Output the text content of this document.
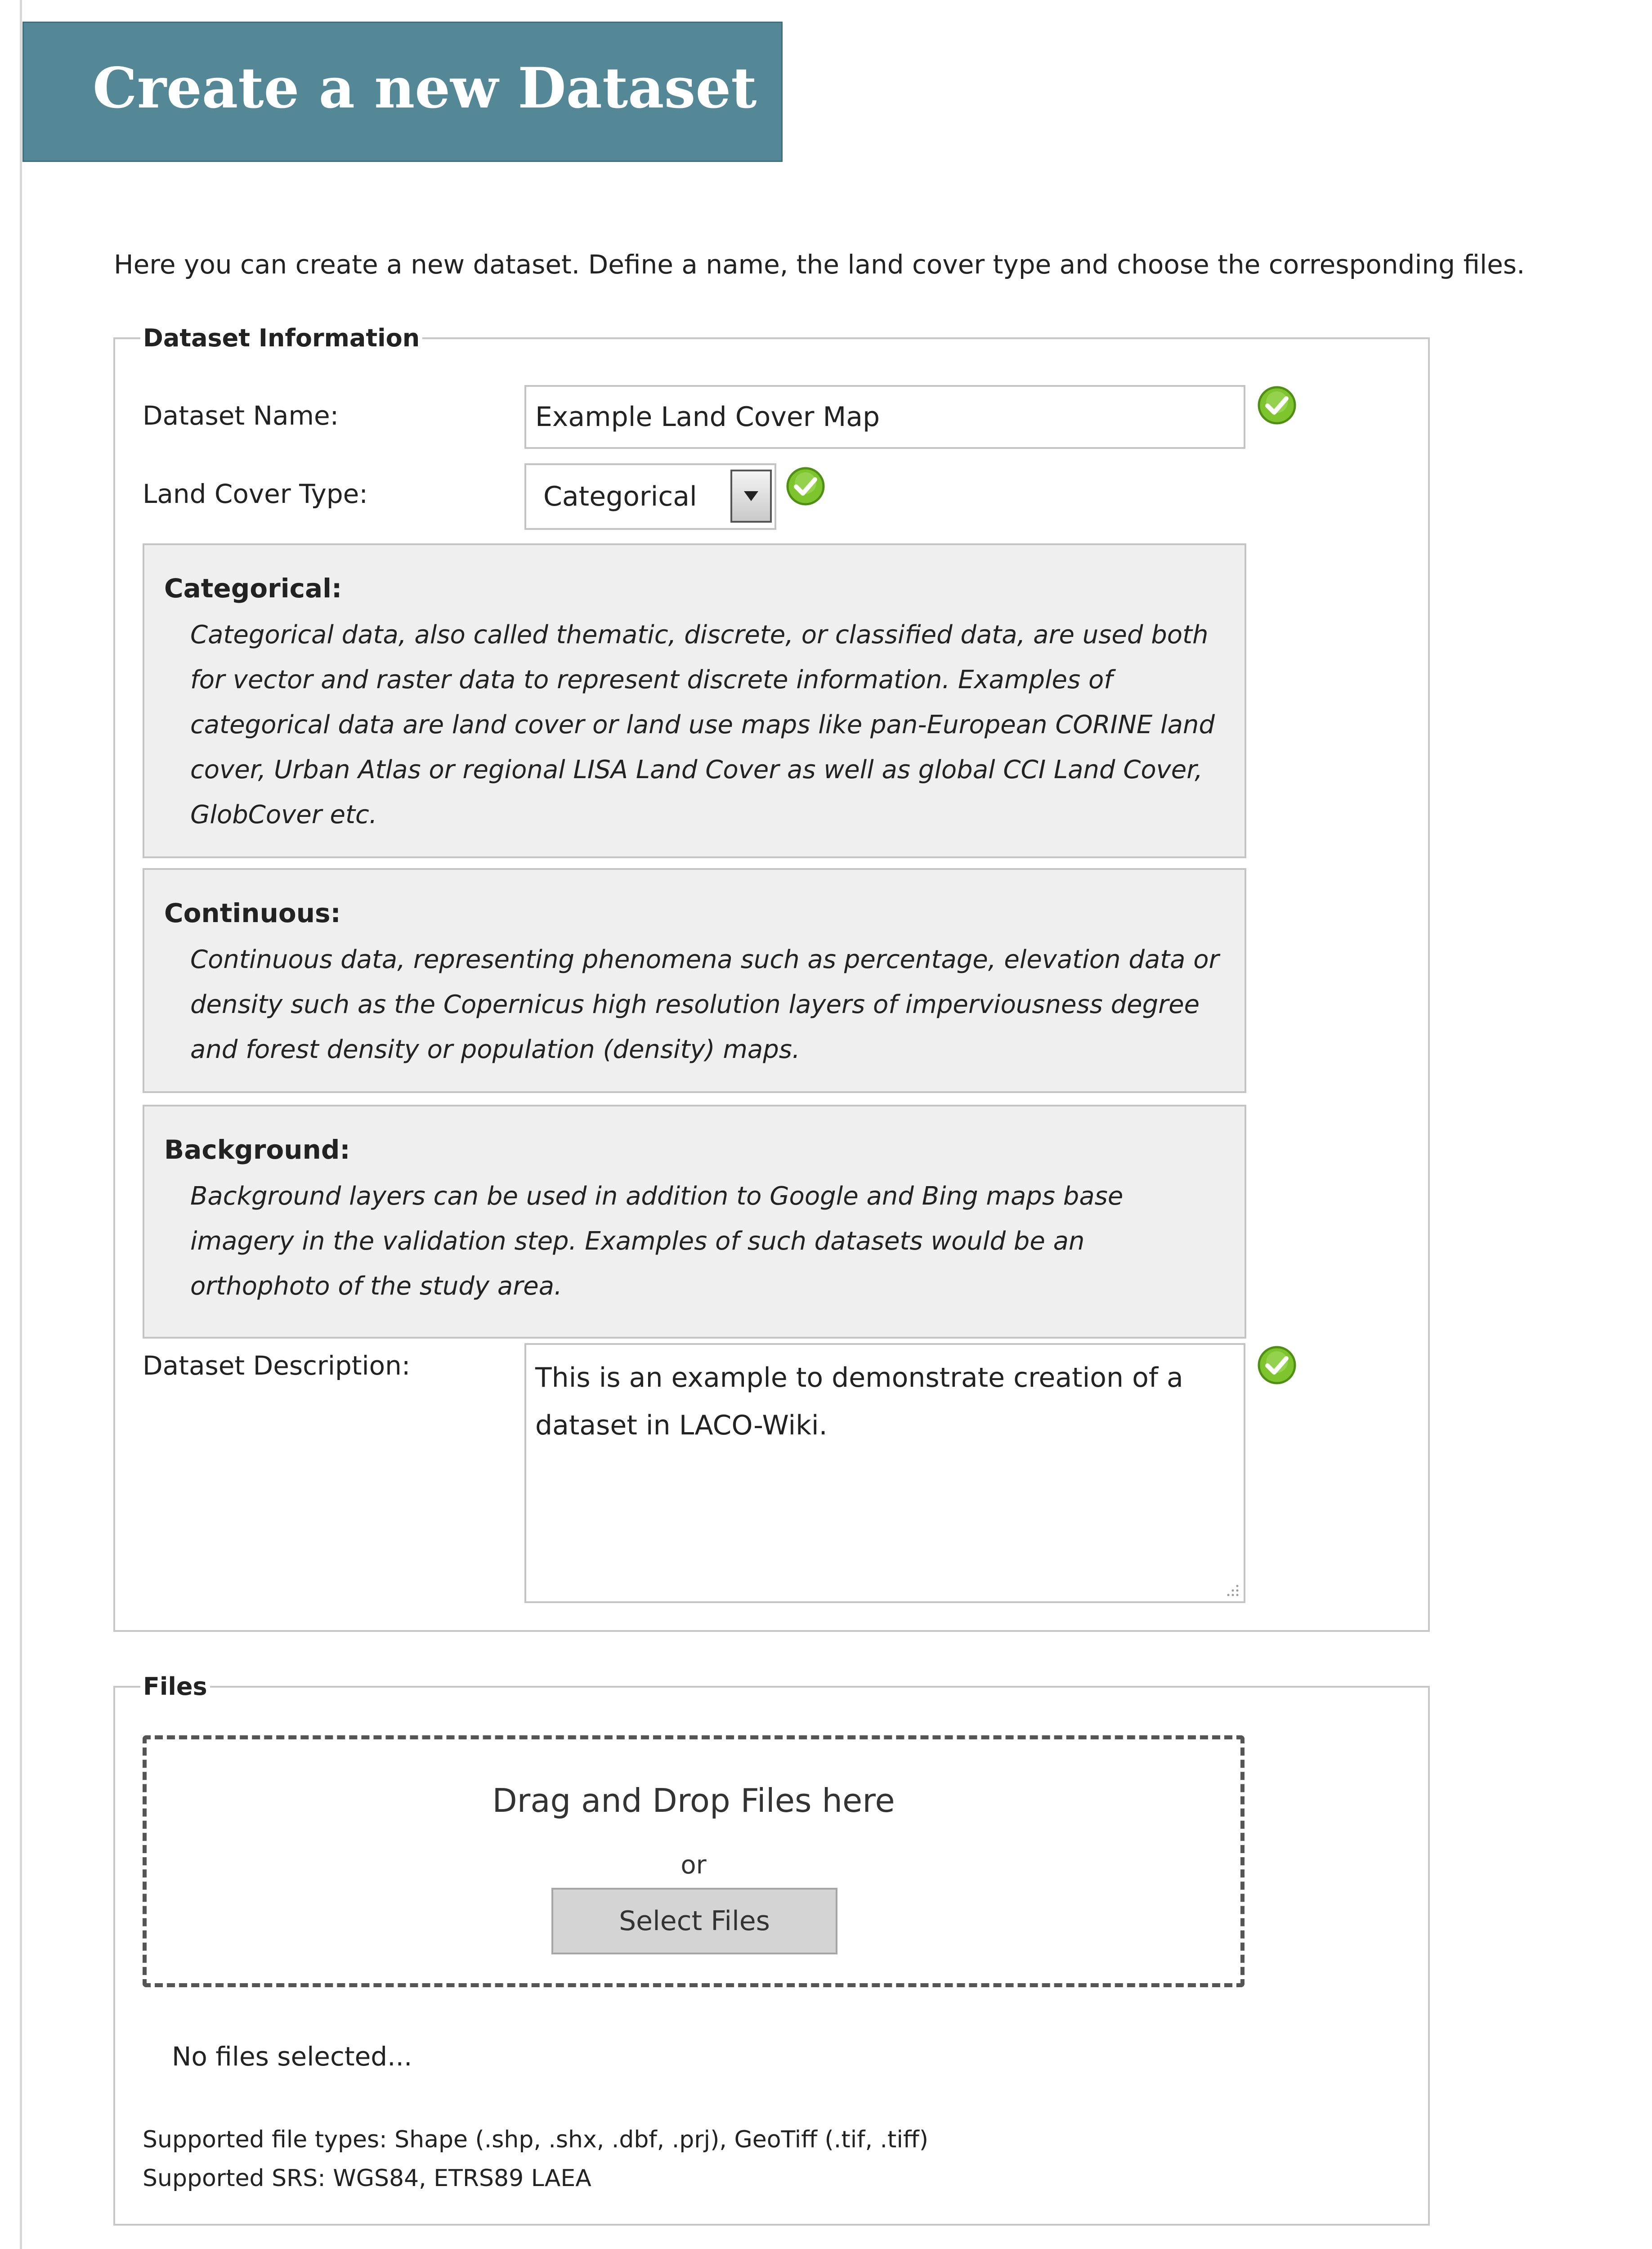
Create a new Dataset
Here you can create a new dataset. Define a name, the land cover type and choose the corresponding files.
Dataset Information
Dataset Name:
Example Land Cover Map
Land Cover Type:	Categorical
Categorical:

Categorical data, also called thematic, discrete, or classified data, are used both

for vector and raster data to represent discrete information. Examples of

categorical data are land cover or land use maps like pan-European CORINE land

cover, Urban Atlas or regional LISA Land Cover as well as global CCI Land Cover,

GlobCover etc.

Continuous:

Continuous data, representing phenomena such as percentage, elevation data or

density such as the Copernicus high resolution layers of imperviousness degree

and forest density or population (density) maps.

Background:

Background layers can be used in addition to Google and Bing maps base

imagery in the validation step. Examples of such datasets would be an

orthophoto of the study area.

Dataset Description:	This is an example to demonstrate creation of a
dataset in LACO-Wiki.
Files
Drag and Drop Files here
or
Select Files
No files selected...
Supported file types: Shape (.shp, .shx, .dbf, .prj), GeoTiff (.tif, .tiff)
Supported SRS: WGS84, ETRS89 LAEA
